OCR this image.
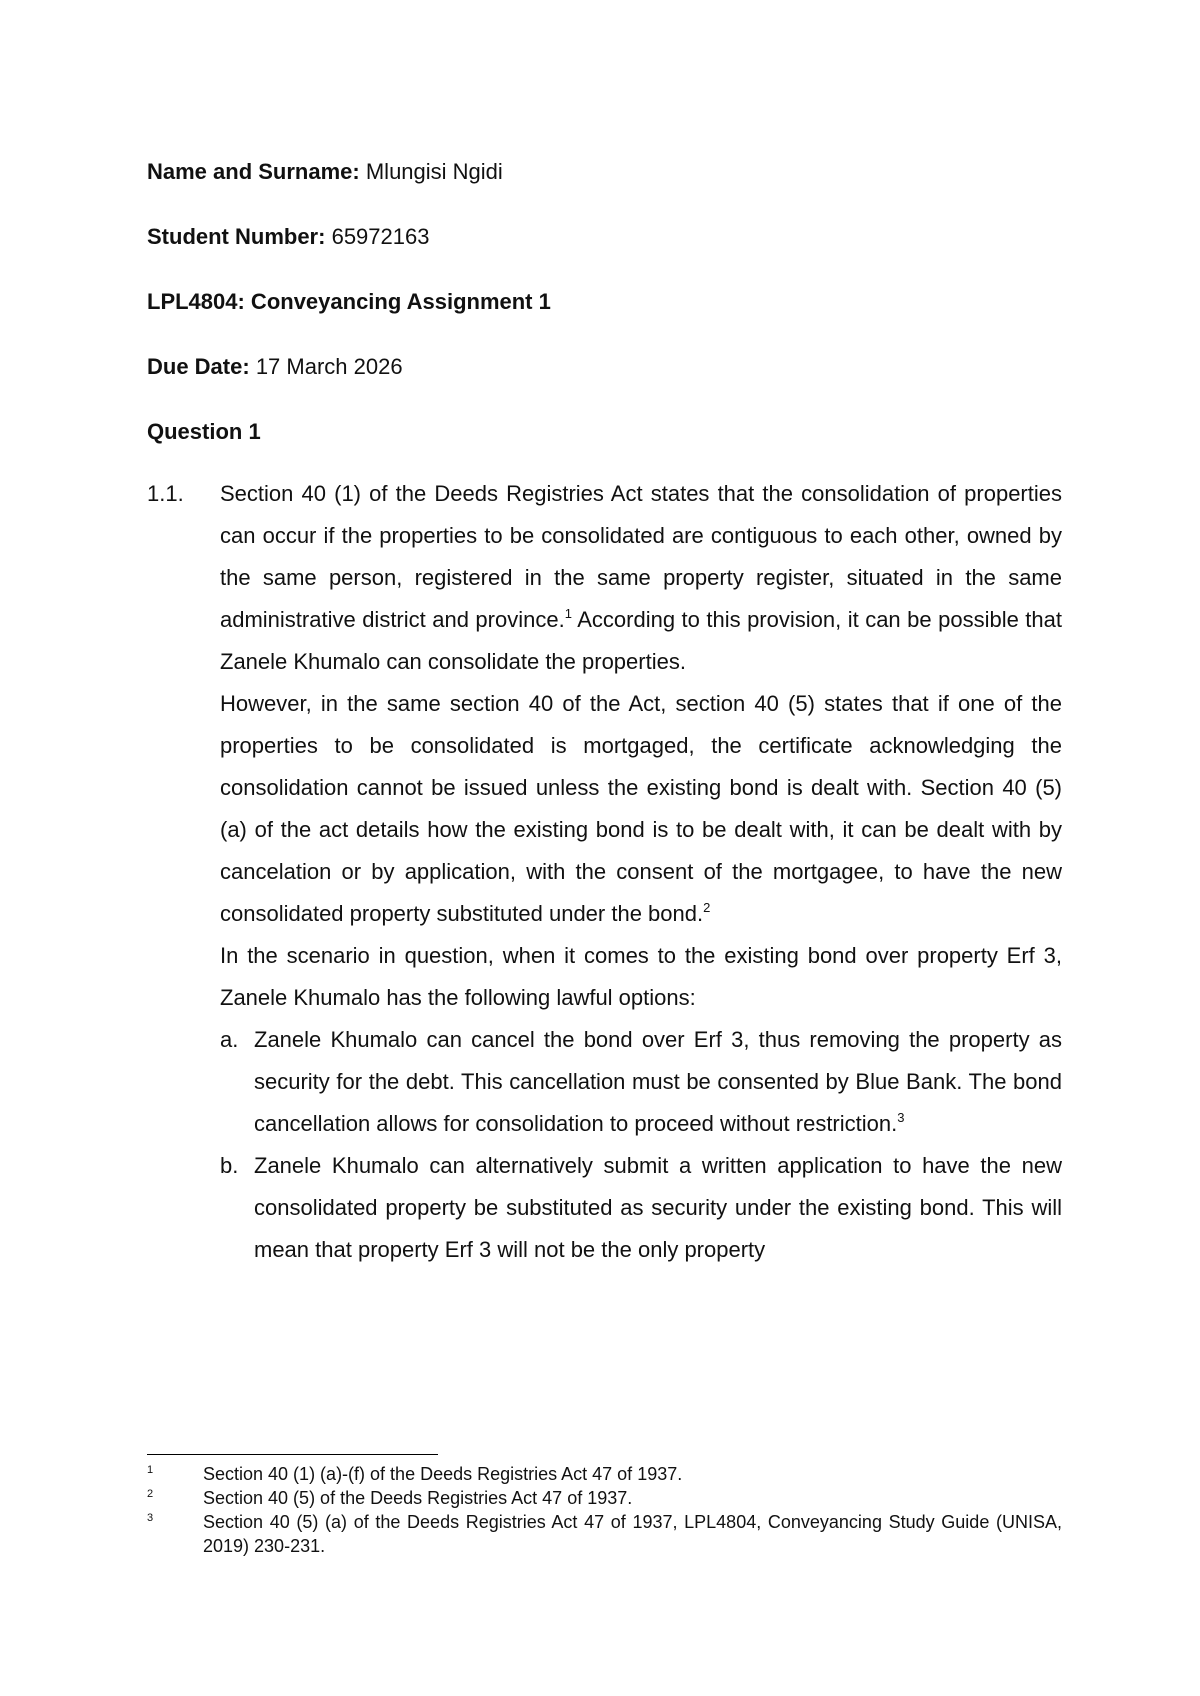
Name and Surname: Mlungisi Ngidi
Student Number: 65972163
LPL4804: Conveyancing Assignment 1
Due Date: 17 March 2026
Question 1
1.1.	Section 40 (1) of the Deeds Registries Act states that the consolidation of properties can occur if the properties to be consolidated are contiguous to each other, owned by the same person, registered in the same property register, situated in the same administrative district and province.$^1$ According to this provision, it can be possible that Zanele Khumalo can consolidate the properties.

However, in the same section 40 of the Act, section 40 (5) states that if one of the properties to be consolidated is mortgaged, the certificate acknowledging the consolidation cannot be issued unless the existing bond is dealt with. Section 40 (5) (a) of the act details how the existing bond is to be dealt with, it can be dealt with by cancelation or by application, with the consent of the mortgagee, to have the new consolidated property substituted under the bond.$^2$

In the scenario in question, when it comes to the existing bond over property Erf 3, Zanele Khumalo has the following lawful options:

a. Zanele Khumalo can cancel the bond over Erf 3, thus removing the property as security for the debt. This cancellation must be consented by Blue Bank. The bond cancellation allows for consolidation to proceed without restriction.$^3$
b. Zanele Khumalo can alternatively submit a written application to have the new consolidated property be substituted as security under the existing bond. This will mean that property Erf 3 will not be the only property
1	Section 40 (1) (a)-(f) of the Deeds Registries Act 47 of 1937.
2	Section 40 (5) of the Deeds Registries Act 47 of 1937.
3	Section 40 (5) (a) of the Deeds Registries Act 47 of 1937, LPL4804, Conveyancing Study Guide (UNISA, 2019) 230-231.
